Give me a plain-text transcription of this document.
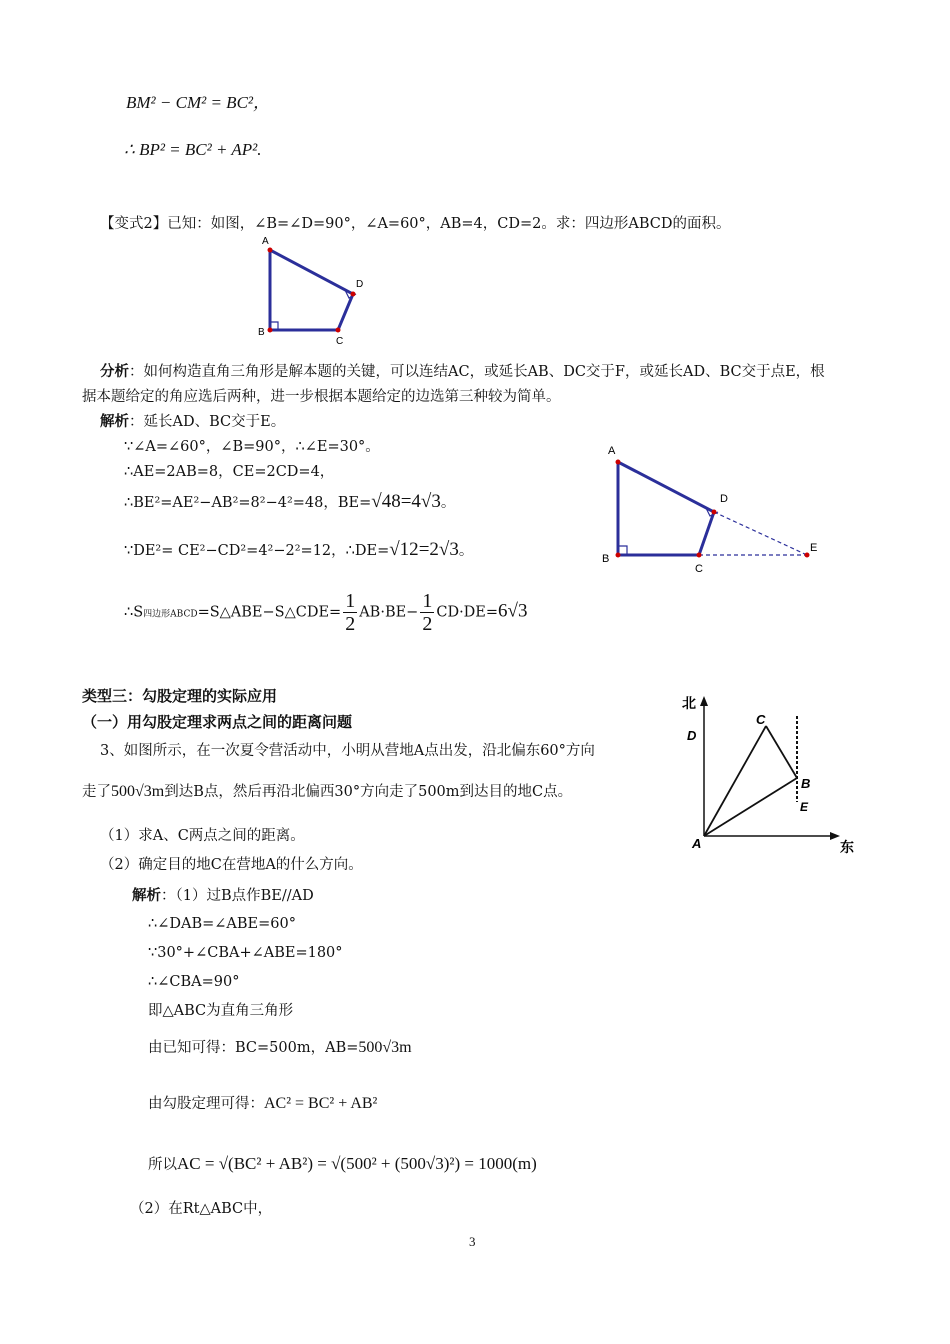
BM² − CM² = BC²，
∴ BP² = BC² + AP².
【变式2】已知：如图，∠B=∠D=90°，∠A=60°，AB=4，CD=2。求：四边形ABCD的面积。
A
D
B
C
分析：如何构造直角三角形是解本题的关键，可以连结AC，或延长AB、DC交于F，或延长AD、BC交于点E，根
据本题给定的角应选后两种，进一步根据本题给定的边选第三种较为简单。
解析：延长AD、BC交于E。
∵∠A=∠60°，∠B=90°，∴∠E=30°。
∴AE=2AB=8，CE=2CD=4，
∴BE²=AE²−AB²=8²−4²=48，BE=√48=4√3。
∵DE²= CE²−CD²=4²−2²=12，∴DE=√12=2√3。
∴S四边形ABCD=S△ABE−S△CDE= $\frac{1}{2} AB\cdot BE- \frac{1}{2} CD\cdot DE=6√3$
A
D
B
C
E
类型三：勾股定理的实际应用
（一）用勾股定理求两点之间的距离问题
3、如图所示，在一次夏令营活动中，小明从营地A点出发，沿北偏东60°方向
走了500√3m到达B点，然后再沿北偏西30°方向走了500m到达目的地C点。
（1）求A、C两点之间的距离。
（2）确定目的地C在营地A的什么方向。
北
D
C
B
E
A	东
解析：（1）过B点作BE//AD
∴∠DAB=∠ABE=60°
∵30°+∠CBA+∠ABE=180°
∴∠CBA=90°
即△ABC为直角三角形
由已知可得：BC=500m，AB=500√3m
由勾股定理可得：AC² = BC² + AB²
所以AC = √(BC² + AB²) = √(500² + (500√3)²) = 1000(m)
（2）在Rt△ABC中，
3
